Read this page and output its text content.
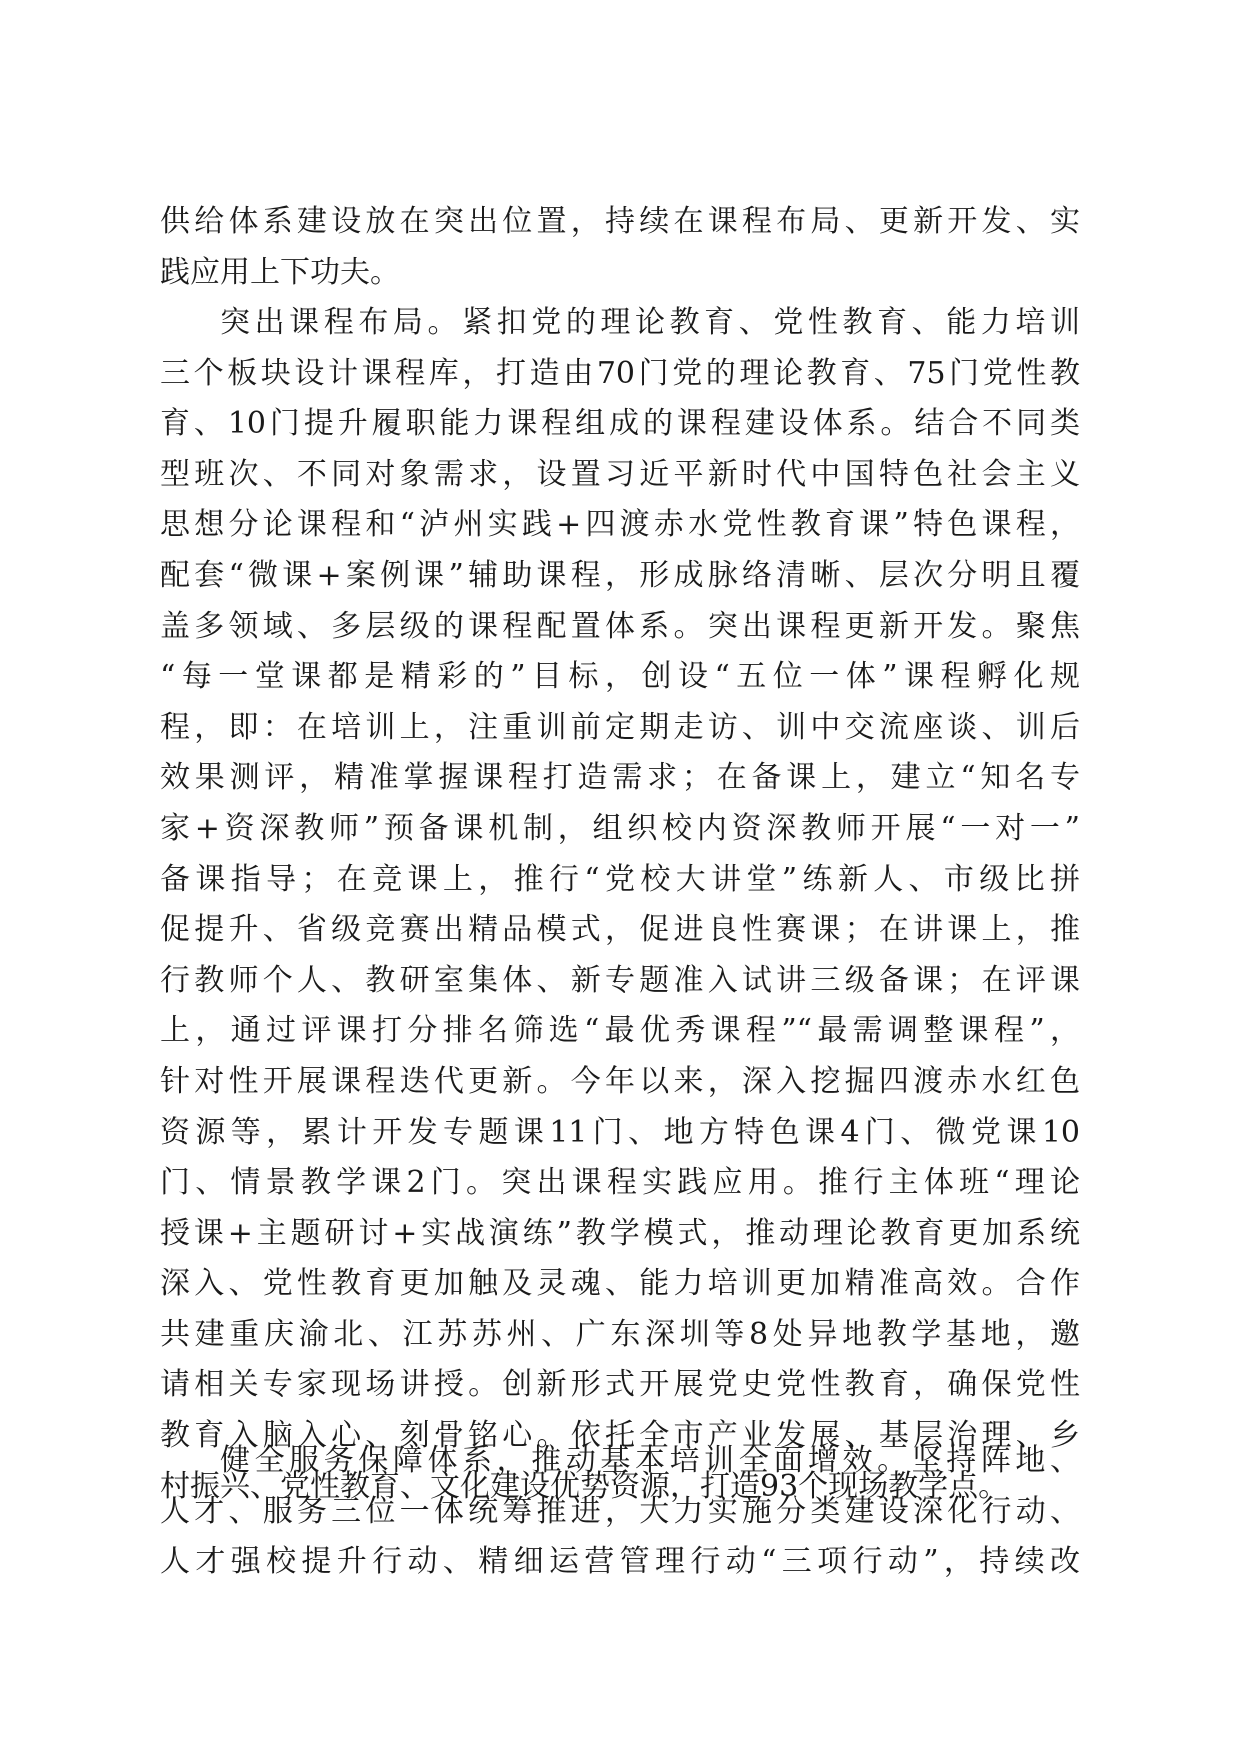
供给体系建设放在突出位置，持续在课程布局、更新开发、实
践应用上下功夫。
突出课程布局。紧扣党的理论教育、党性教育、能力培训
三个板块设计课程库，打造由70门党的理论教育、75门党性教
育、10门提升履职能力课程组成的课程建设体系。结合不同类
型班次、不同对象需求，设置习近平新时代中国特色社会主义
思想分论课程和“泸州实践+四渡赤水党性教育课”特色课程，
配套“微课+案例课”辅助课程，形成脉络清晰、层次分明且覆
盖多领域、多层级的课程配置体系。突出课程更新开发。聚焦
“每一堂课都是精彩的”目标，创设“五位一体”课程孵化规
程，即：在培训上，注重训前定期走访、训中交流座谈、训后
效果测评，精准掌握课程打造需求；在备课上，建立“知名专
家+资深教师”预备课机制，组织校内资深教师开展“一对一”
备课指导；在竞课上，推行“党校大讲堂”练新人、市级比拼
促提升、省级竞赛出精品模式，促进良性赛课；在讲课上，推
行教师个人、教研室集体、新专题准入试讲三级备课；在评课
上，通过评课打分排名筛选“最优秀课程”“最需调整课程”，
针对性开展课程迭代更新。今年以来，深入挖掘四渡赤水红色
资源等，累计开发专题课11门、地方特色课4门、微党课10
门、情景教学课2门。突出课程实践应用。推行主体班“理论
授课+主题研讨+实战演练”教学模式，推动理论教育更加系统
深入、党性教育更加触及灵魂、能力培训更加精准高效。合作
共建重庆渝北、江苏苏州、广东深圳等8处异地教学基地，邀
请相关专家现场讲授。创新形式开展党史党性教育，确保党性
教育入脑入心、刻骨铭心。依托全市产业发展、基层治理、乡
村振兴、党性教育、文化建设优势资源，打造93个现场教学点。
健全服务保障体系，推动基本培训全面增效。坚持阵地、
人才、服务三位一体统筹推进，大力实施分类建设深化行动、
人才强校提升行动、精细运营管理行动“三项行动”，持续改
